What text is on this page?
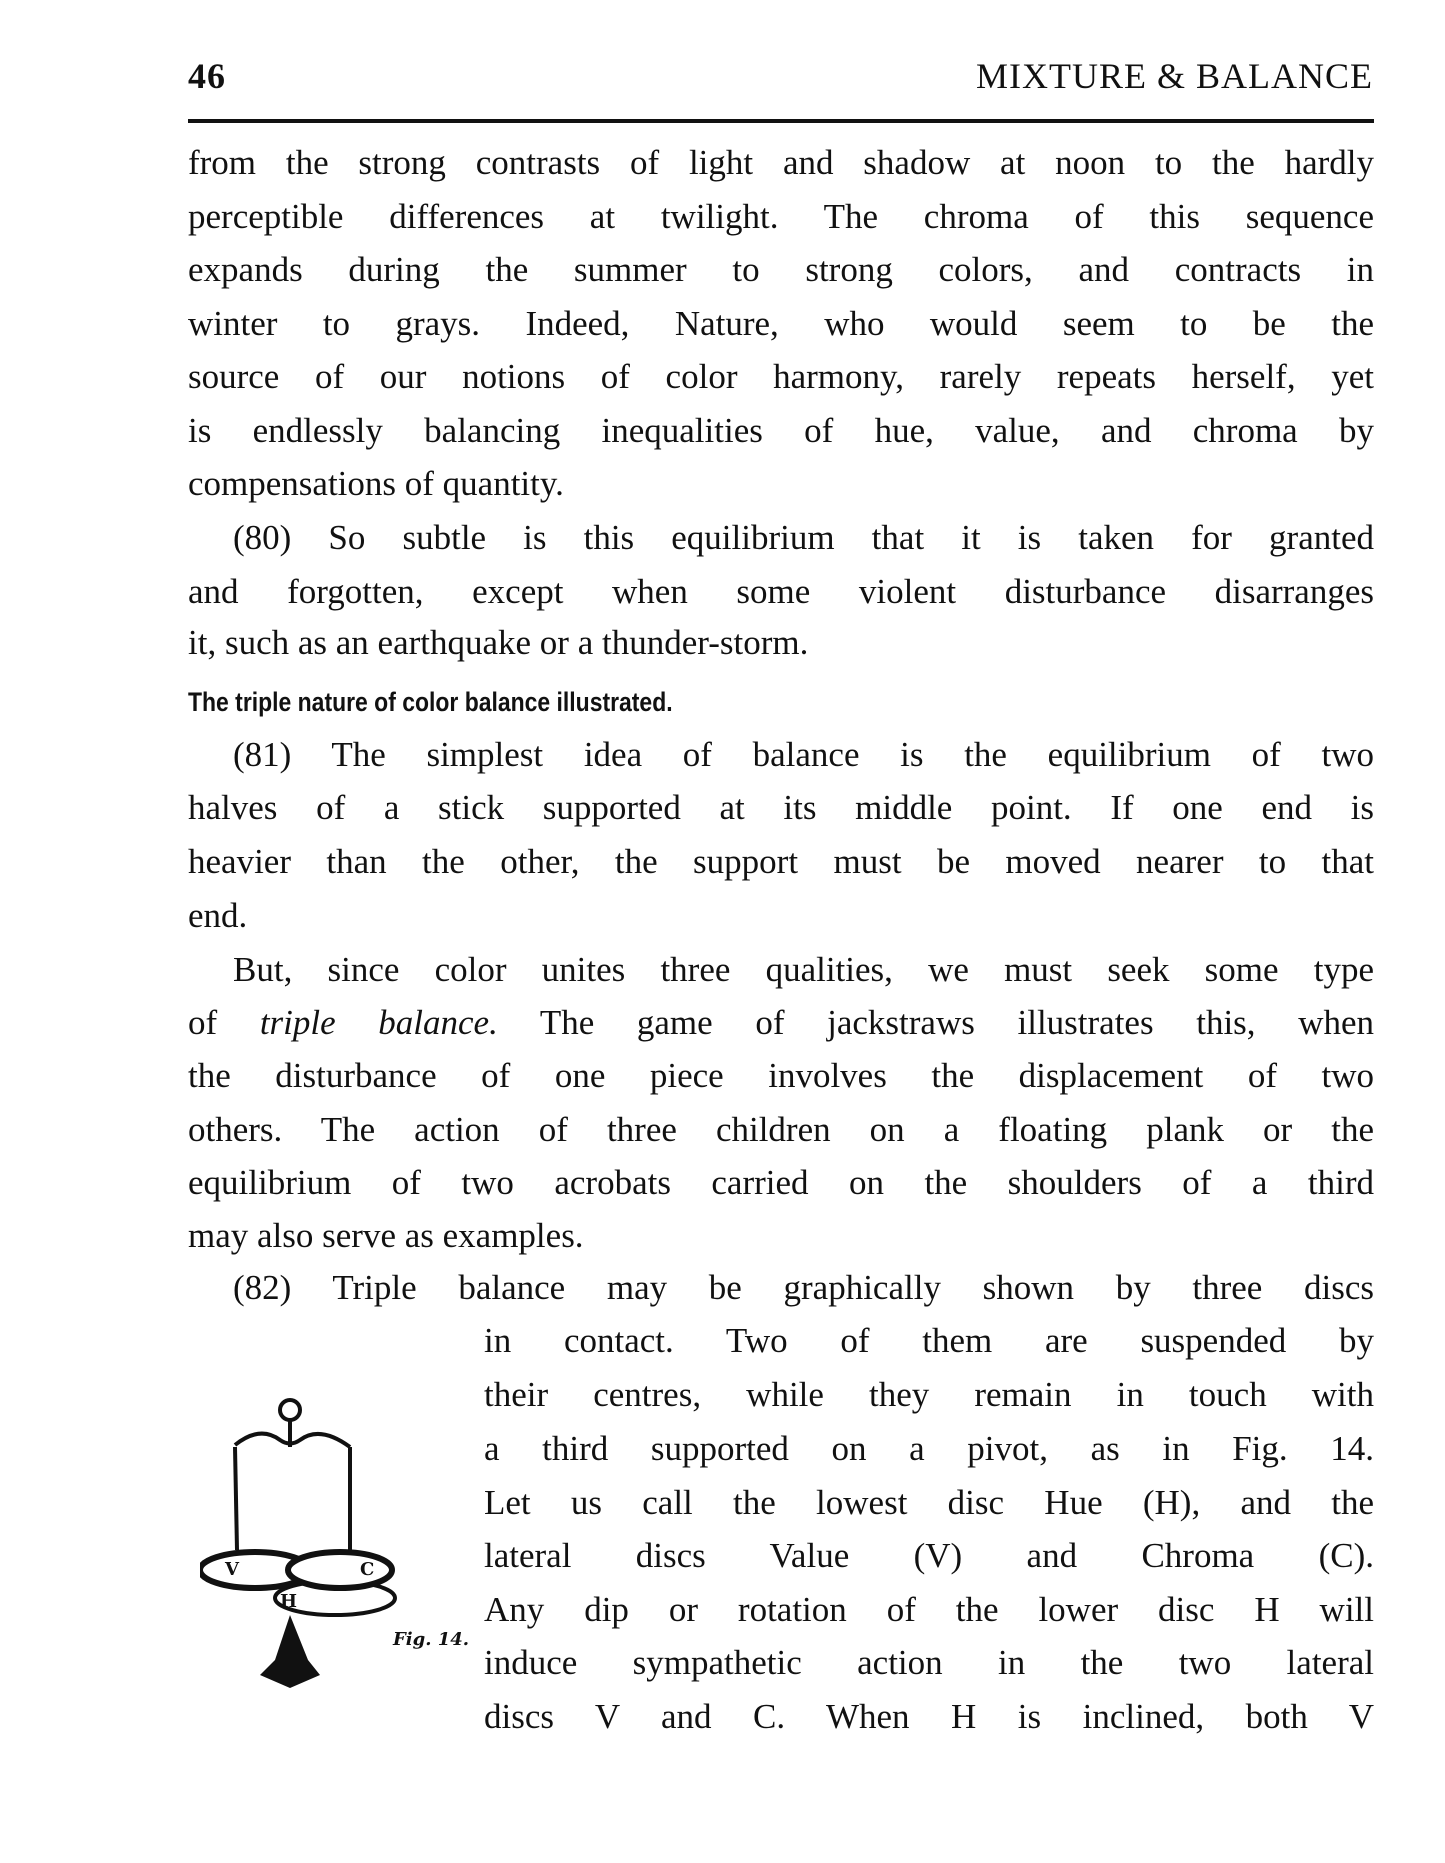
46	MIXTURE & BALANCE
from the strong contrasts of light and shadow at noon to the hardly
perceptible differences at twilight. The chroma of this sequence
expands during the summer to strong colors, and contracts in
winter to grays. Indeed, Nature, who would seem to be the
source of our notions of color harmony, rarely repeats herself, yet
is endlessly balancing inequalities of hue, value, and chroma by
compensations of quantity.
(80) So subtle is this equilibrium that it is taken for granted
and forgotten, except when some violent disturbance disarranges
it, such as an earthquake or a thunder-storm.
The triple nature of color balance illustrated.
(81) The simplest idea of balance is the equilibrium of two
halves of a stick supported at its middle point. If one end is
heavier than the other, the support must be moved nearer to that
end.
But, since color unites three qualities, we must seek some type
of triple balance. The game of jackstraws illustrates this, when
the disturbance of one piece involves the displacement of two
others. The action of three children on a floating plank or the
equilibrium of two acrobats carried on the shoulders of a third
may also serve as examples.
(82) Triple balance may be graphically shown by three discs
in contact. Two of them are suspended by
their centres, while they remain in touch with
a third supported on a pivot, as in Fig. 14.
Let us call the lowest disc Hue (H), and the
lateral discs Value (V) and Chroma (C).
Any dip or rotation of the lower disc H will
induce sympathetic action in the two lateral
discs V and C. When H is inclined, both V
V	C
H
Fig. 14.
